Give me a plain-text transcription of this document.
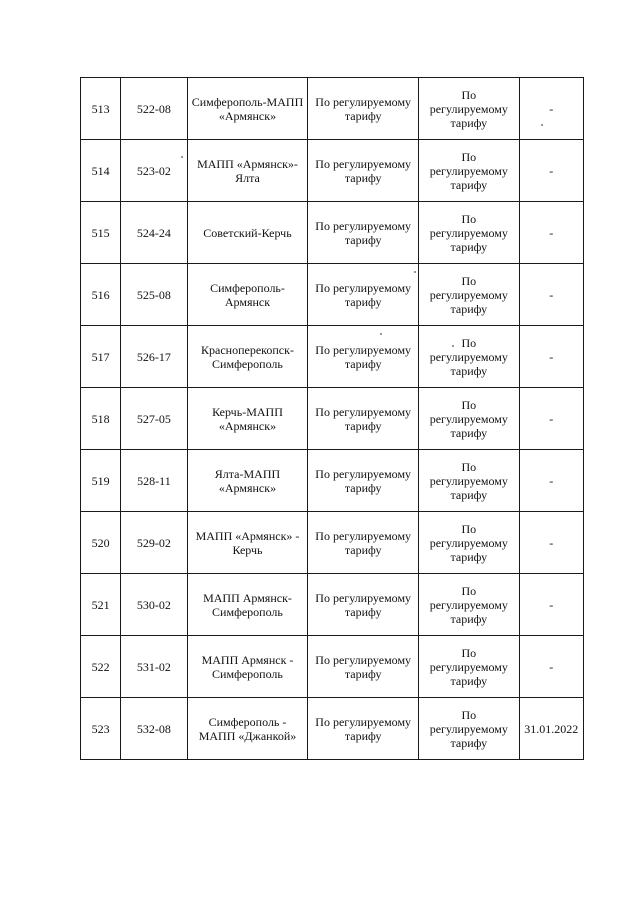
513	522-08	Симферополь-МАПП «Армянск»	По регулируемому тарифу	По регулируемому тарифу	-
514	523-02	МАПП «Армянск»-Ялта	По регулируемому тарифу	По регулируемому тарифу	-
515	524-24	Советский-Керчь	По регулируемому тарифу	По регулируемому тарифу	-
516	525-08	Симферополь-Армянск	По регулируемому тарифу	По регулируемому тарифу	-
517	526-17	Красноперекопск-Симферополь	По регулируемому тарифу	По регулируемому тарифу	-
518	527-05	Керчь-МАПП «Армянск»	По регулируемому тарифу	По регулируемому тарифу	-
519	528-11	Ялта-МАПП «Армянск»	По регулируемому тарифу	По регулируемому тарифу	-
520	529-02	МАПП «Армянск» - Керчь	По регулируемому тарифу	По регулируемому тарифу	-
521	530-02	МАПП Армянск-Симферополь	По регулируемому тарифу	По регулируемому тарифу	-
522	531-02	МАПП Армянск - Симферополь	По регулируемому тарифу	По регулируемому тарифу	-
523	532-08	Симферополь - МАПП «Джанкой»	По регулируемому тарифу	По регулируемому тарифу	31.01.2022
